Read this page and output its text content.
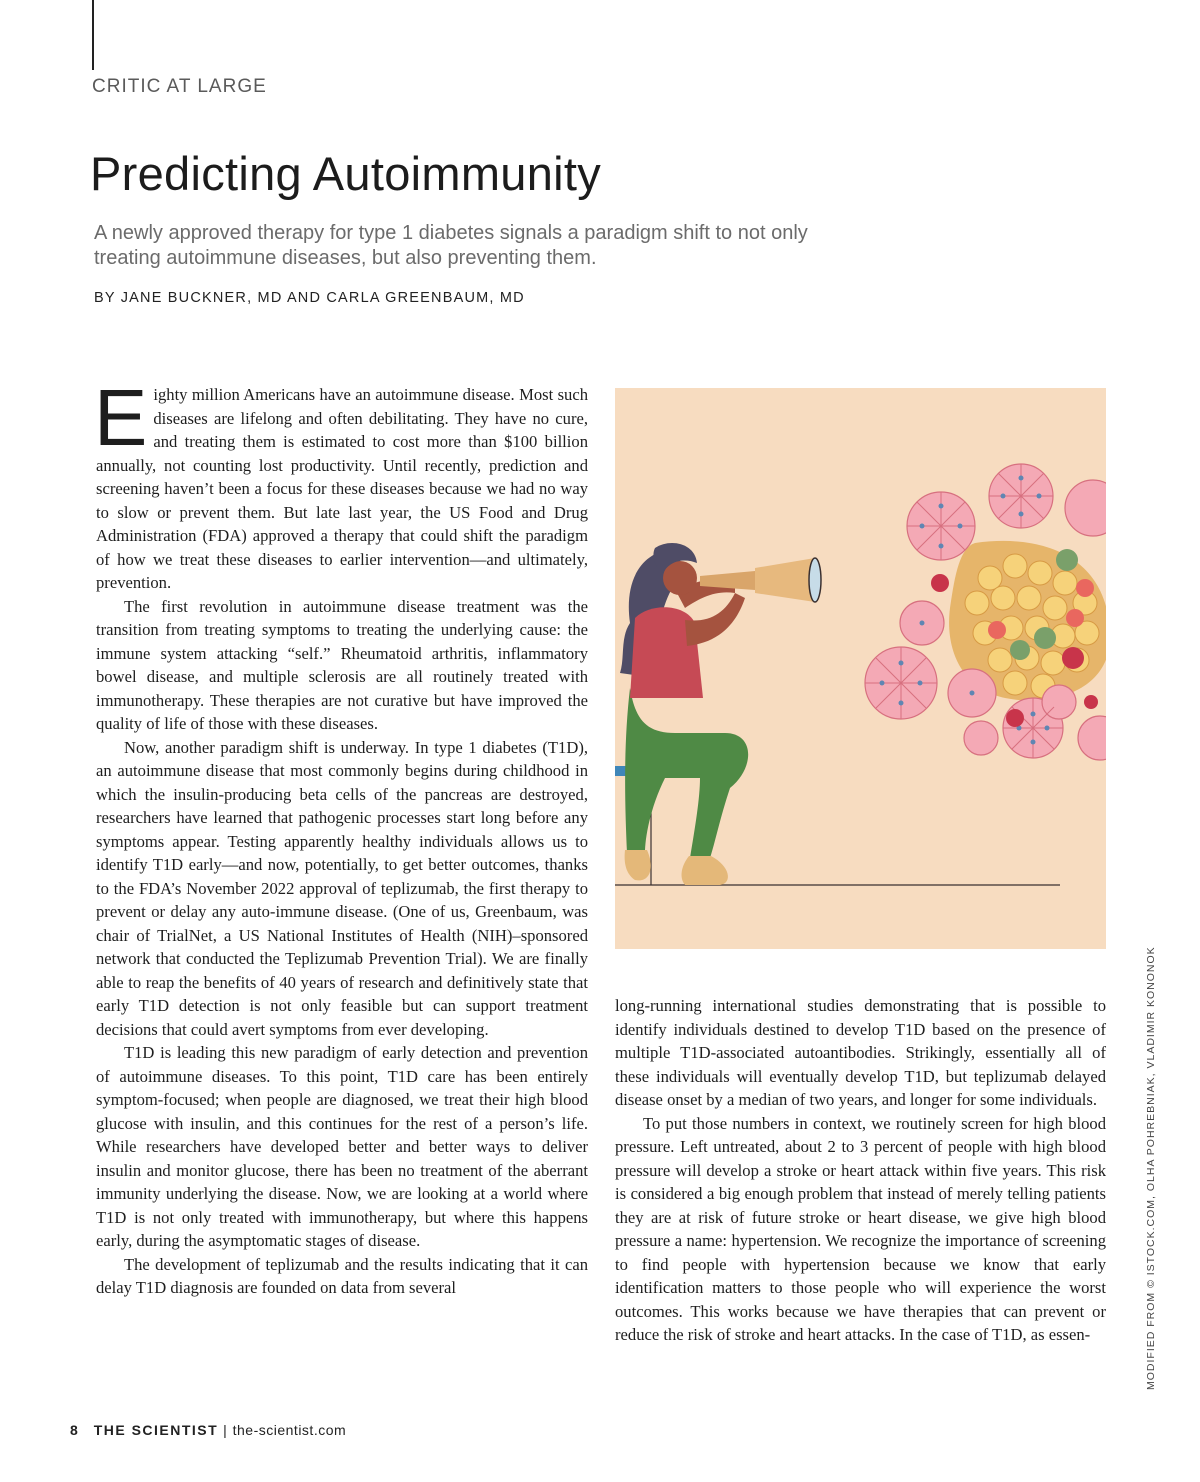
CRITIC AT LARGE
Predicting Autoimmunity

A newly approved therapy for type 1 diabetes signals a paradigm shift to not only treating autoimmune diseases, but also preventing them.

BY JANE BUCKNER, MD AND CARLA GREENBAUM, MD

Eighty million Americans have an autoimmune disease. Most such diseases are lifelong and often debilitating. They have no cure, and treating them is estimated to cost more than $100 billion annually, not counting lost productivity. Until recently, prediction and screening haven’t been a focus for these diseases because we had no way to slow or prevent them. But late last year, the US Food and Drug Administration (FDA) approved a therapy that could shift the paradigm of how we treat these diseases to earlier intervention—and ultimately, prevention.

The first revolution in autoimmune disease treatment was the transition from treating symptoms to treating the underlying cause: the immune system attacking “self.” Rheumatoid arthritis, inflammatory bowel disease, and multiple sclerosis are all routinely treated with immunotherapy. These therapies are not curative but have improved the quality of life of those with these diseases.

Now, another paradigm shift is underway. In type 1 diabetes (T1D), an autoimmune disease that most commonly begins during childhood in which the insulin-producing beta cells of the pancreas are destroyed, researchers have learned that pathogenic processes start long before any symptoms appear. Testing apparently healthy individuals allows us to identify T1D early—and now, potentially, to get better outcomes, thanks to the FDA’s November 2022 approval of teplizumab, the first therapy to prevent or delay any auto-immune disease. (One of us, Greenbaum, was chair of TrialNet, a US National Institutes of Health (NIH)–sponsored network that conducted the Teplizumab Prevention Trial). We are finally able to reap the benefits of 40 years of research and definitively state that early T1D detection is not only feasible but can support treatment decisions that could avert symptoms from ever developing.

T1D is leading this new paradigm of early detection and prevention of autoimmune diseases. To this point, T1D care has been entirely symptom-focused; when people are diagnosed, we treat their high blood glucose with insulin, and this continues for the rest of a person’s life. While researchers have developed better and better ways to deliver insulin and monitor glucose, there has been no treatment of the aberrant immunity underlying the disease. Now, we are looking at a world where T1D is not only treated with immunotherapy, but where this happens early, during the asymptomatic stages of disease.

The development of teplizumab and the results indicating that it can delay T1D diagnosis are founded on data from several

long-running international studies demonstrating that is possible to identify individuals destined to develop T1D based on the presence of multiple T1D-associated autoantibodies. Strikingly, essentially all of these individuals will eventually develop T1D, but teplizumab delayed disease onset by a median of two years, and longer for some individuals.

To put those numbers in context, we routinely screen for high blood pressure. Left untreated, about 2 to 3 percent of people with high blood pressure will develop a stroke or heart attack within five years. This risk is considered a big enough problem that instead of merely telling patients they are at risk of future stroke or heart disease, we give high blood pressure a name: hypertension. We recognize the importance of screening to find people with hypertension because we know that early identification matters to those people who will experience the worst outcomes. This works because we have therapies that can prevent or reduce the risk of stroke and heart attacks. In the case of T1D, as essen-	MODIFIED FROM © ISTOCK.COM, OLHA POHREBNIAK, VLADIMIR KONONOK
8 THE SCIENTIST | the-scientist.com
